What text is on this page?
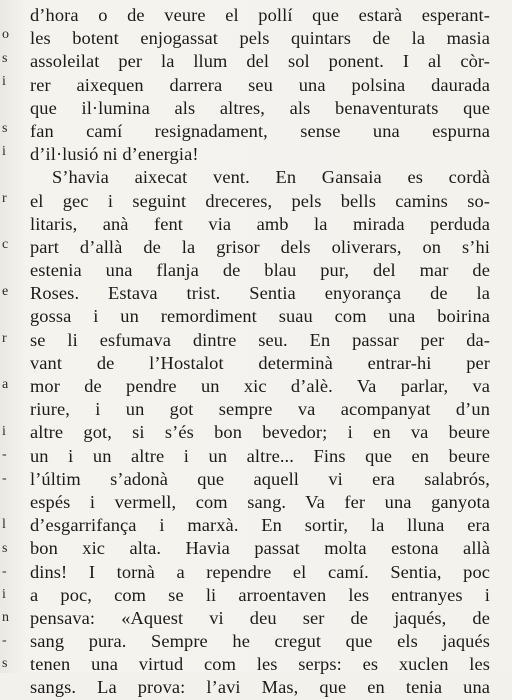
o
s
i
s
i
r
c
e
r
a
i
-
-
l
s
-
i
n
-
s
d’hora o de veure el pollí que estarà esperant-
les botent enjogassat pels quintars de la masia
assoleilat per la llum del sol ponent. I al còr-
rer aixequen darrera seu una polsina daurada
que il·lumina als altres, als benaventurats que
fan camí resignadament, sense una espurna
d’il·lusió ni d’energia!
S’havia aixecat vent. En Gansaia es cordà
el gec i seguint dreceres, pels bells camins so-
litaris, anà fent via amb la mirada perduda
part d’allà de la grisor dels oliverars, on s’hi
estenia una flanja de blau pur, del mar de
Roses. Estava trist. Sentia enyorança de la
gossa i un remordiment suau com una boirina
se li esfumava dintre seu. En passar per da-
vant de l’Hostalot determinà entrar-hi per
mor de pendre un xic d’alè. Va parlar, va
riure, i un got sempre va acompanyat d’un
altre got, si s’és bon bevedor; i en va beure
un i un altre i un altre... Fins que en beure
l’últim s’adonà que aquell vi era salabrós,
espés i vermell, com sang. Va fer una ganyota
d’esgarrifança i marxà. En sortir, la lluna era
bon xic alta. Havia passat molta estona allà
dins! I tornà a rependre el camí. Sentia, poc
a poc, com se li arroentaven les entranyes i
pensava: «Aquest vi deu ser de jaqués, de
sang pura. Sempre he cregut que els jaqués
tenen una virtud com les serps: es xuclen les
sangs. La prova: l’avi Mas, que en tenia una
